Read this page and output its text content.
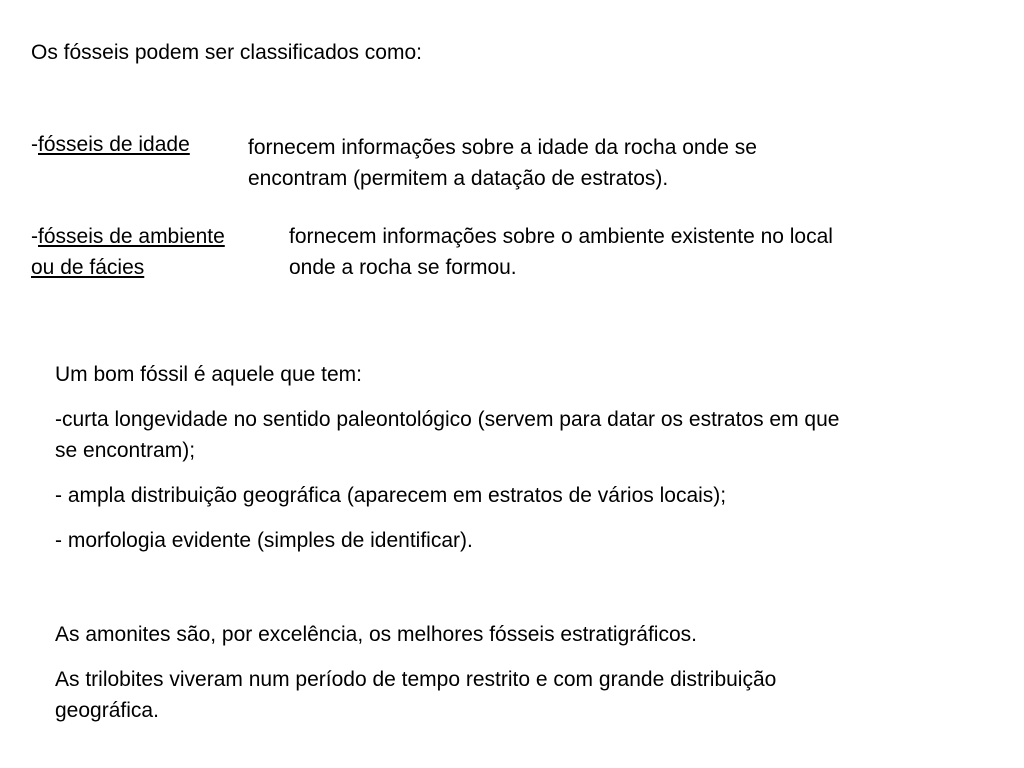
Os fósseis podem ser classificados como:

-fósseis de idade	fornecem informações sobre a idade da rocha onde se
encontram (permitem a datação de estratos).
-fósseis de ambiente
ou de fácies
fornecem informações sobre o ambiente existente no local
onde a rocha se formou.

Um bom fóssil é aquele que tem:

-curta longevidade no sentido paleontológico (servem para datar os estratos em que
se encontram);
- ampla distribuição geográfica (aparecem em estratos de vários locais);
- morfologia evidente (simples de identificar).
As amonites são, por excelência, os melhores fósseis estratigráficos.
As trilobites viveram num período de tempo restrito e com grande distribuição
geográfica.
